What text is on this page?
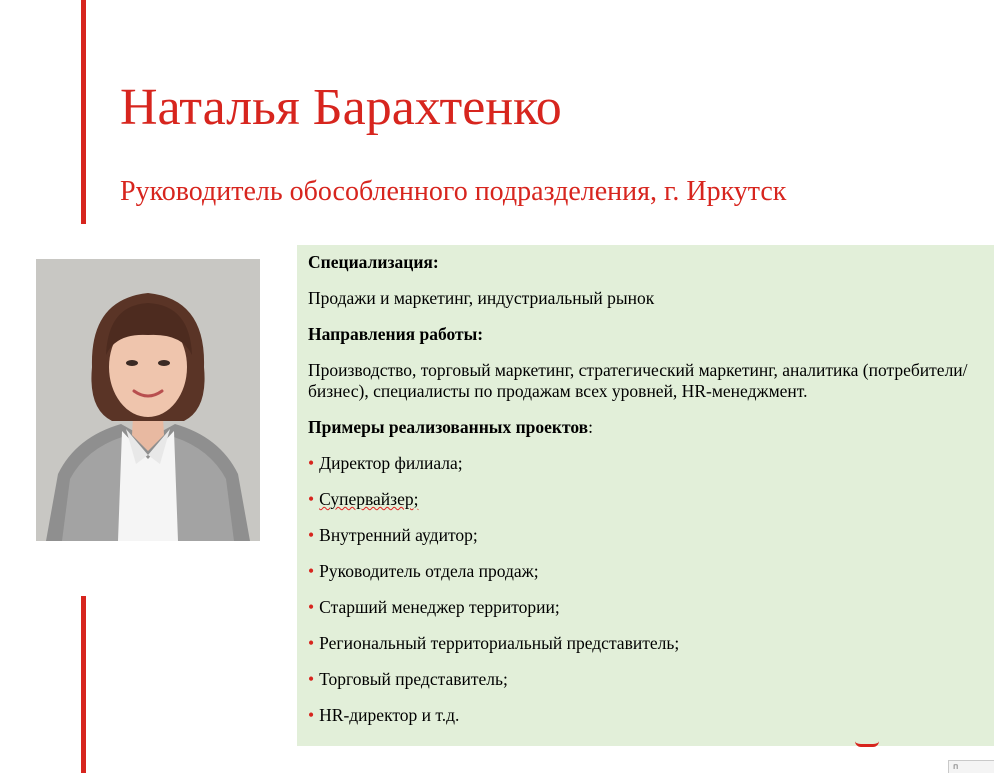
Наталья Барахтенко
Руководитель обособленного подразделения, г. Иркутск

Специализация:

Продажи и маркетинг, индустриальный рынок

Направления работы:

Производство, торговый маркетинг, стратегический маркетинг, аналитика (потребители/бизнес), специалисты по продажам всех уровней, HR-менеджмент.

Примеры реализованных проектов:

• Директор филиала;
• Супервайзер;
• Внутренний аудитор;
• Руководитель отдела продаж;
• Старший менеджер территории;
• Региональный территориальный представитель;
• Торговый представитель;
• HR-директор и т.д.
п
